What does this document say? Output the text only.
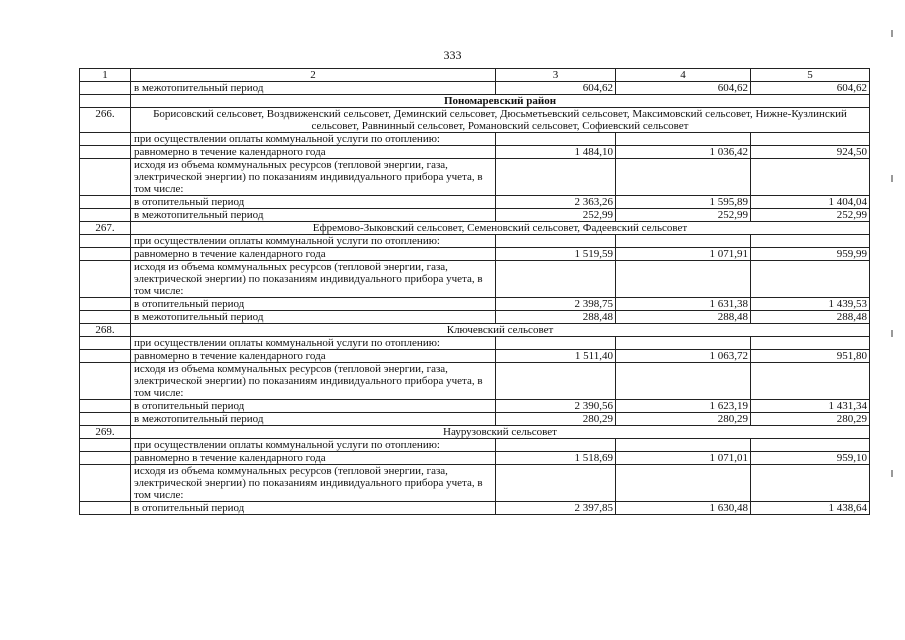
333
1	2	3	4	5
	в межотопительный период	604,62	604,62	604,62
	Пономаревский район			
266.	Борисовский сельсовет, Воздвиженский сельсовет, Деминский сельсовет, Дюсьметьевский сельсовет, Максимовский сельсовет, Нижне-Кузлинский сельсовет, Равнинный сельсовет, Романовский сельсовет, Софиевский сельсовет			
	при осуществлении оплаты коммунальной услуги по отоплению:			
	равномерно в течение календарного года	1 484,10	1 036,42	924,50
	исходя из объема коммунальных ресурсов (тепловой энергии, газа, электрической энергии) по показаниям индивидуального прибора учета, в том числе:			
	в отопительный период	2 363,26	1 595,89	1 404,04
	в межотопительный период	252,99	252,99	252,99
267.	Ефремово-Зыковский сельсовет, Семеновский сельсовет, Фадеевский сельсовет			
	при осуществлении оплаты коммунальной услуги по отоплению:			
	равномерно в течение календарного года	1 519,59	1 071,91	959,99
	исходя из объема коммунальных ресурсов (тепловой энергии, газа, электрической энергии) по показаниям индивидуального прибора учета, в том числе:			
	в отопительный период	2 398,75	1 631,38	1 439,53
	в межотопительный период	288,48	288,48	288,48
268.	Ключевский сельсовет			
	при осуществлении оплаты коммунальной услуги по отоплению:			
	равномерно в течение календарного года	1 511,40	1 063,72	951,80
	исходя из объема коммунальных ресурсов (тепловой энергии, газа, электрической энергии) по показаниям индивидуального прибора учета, в том числе:			
	в отопительный период	2 390,56	1 623,19	1 431,34
	в межотопительный период	280,29	280,29	280,29
269.	Наурузовский сельсовет			
	при осуществлении оплаты коммунальной услуги по отоплению:			
	равномерно в течение календарного года	1 518,69	1 071,01	959,10
	исходя из объема коммунальных ресурсов (тепловой энергии, газа, электрической энергии) по показаниям индивидуального прибора учета, в том числе:			
	в отопительный период	2 397,85	1 630,48	1 438,64
